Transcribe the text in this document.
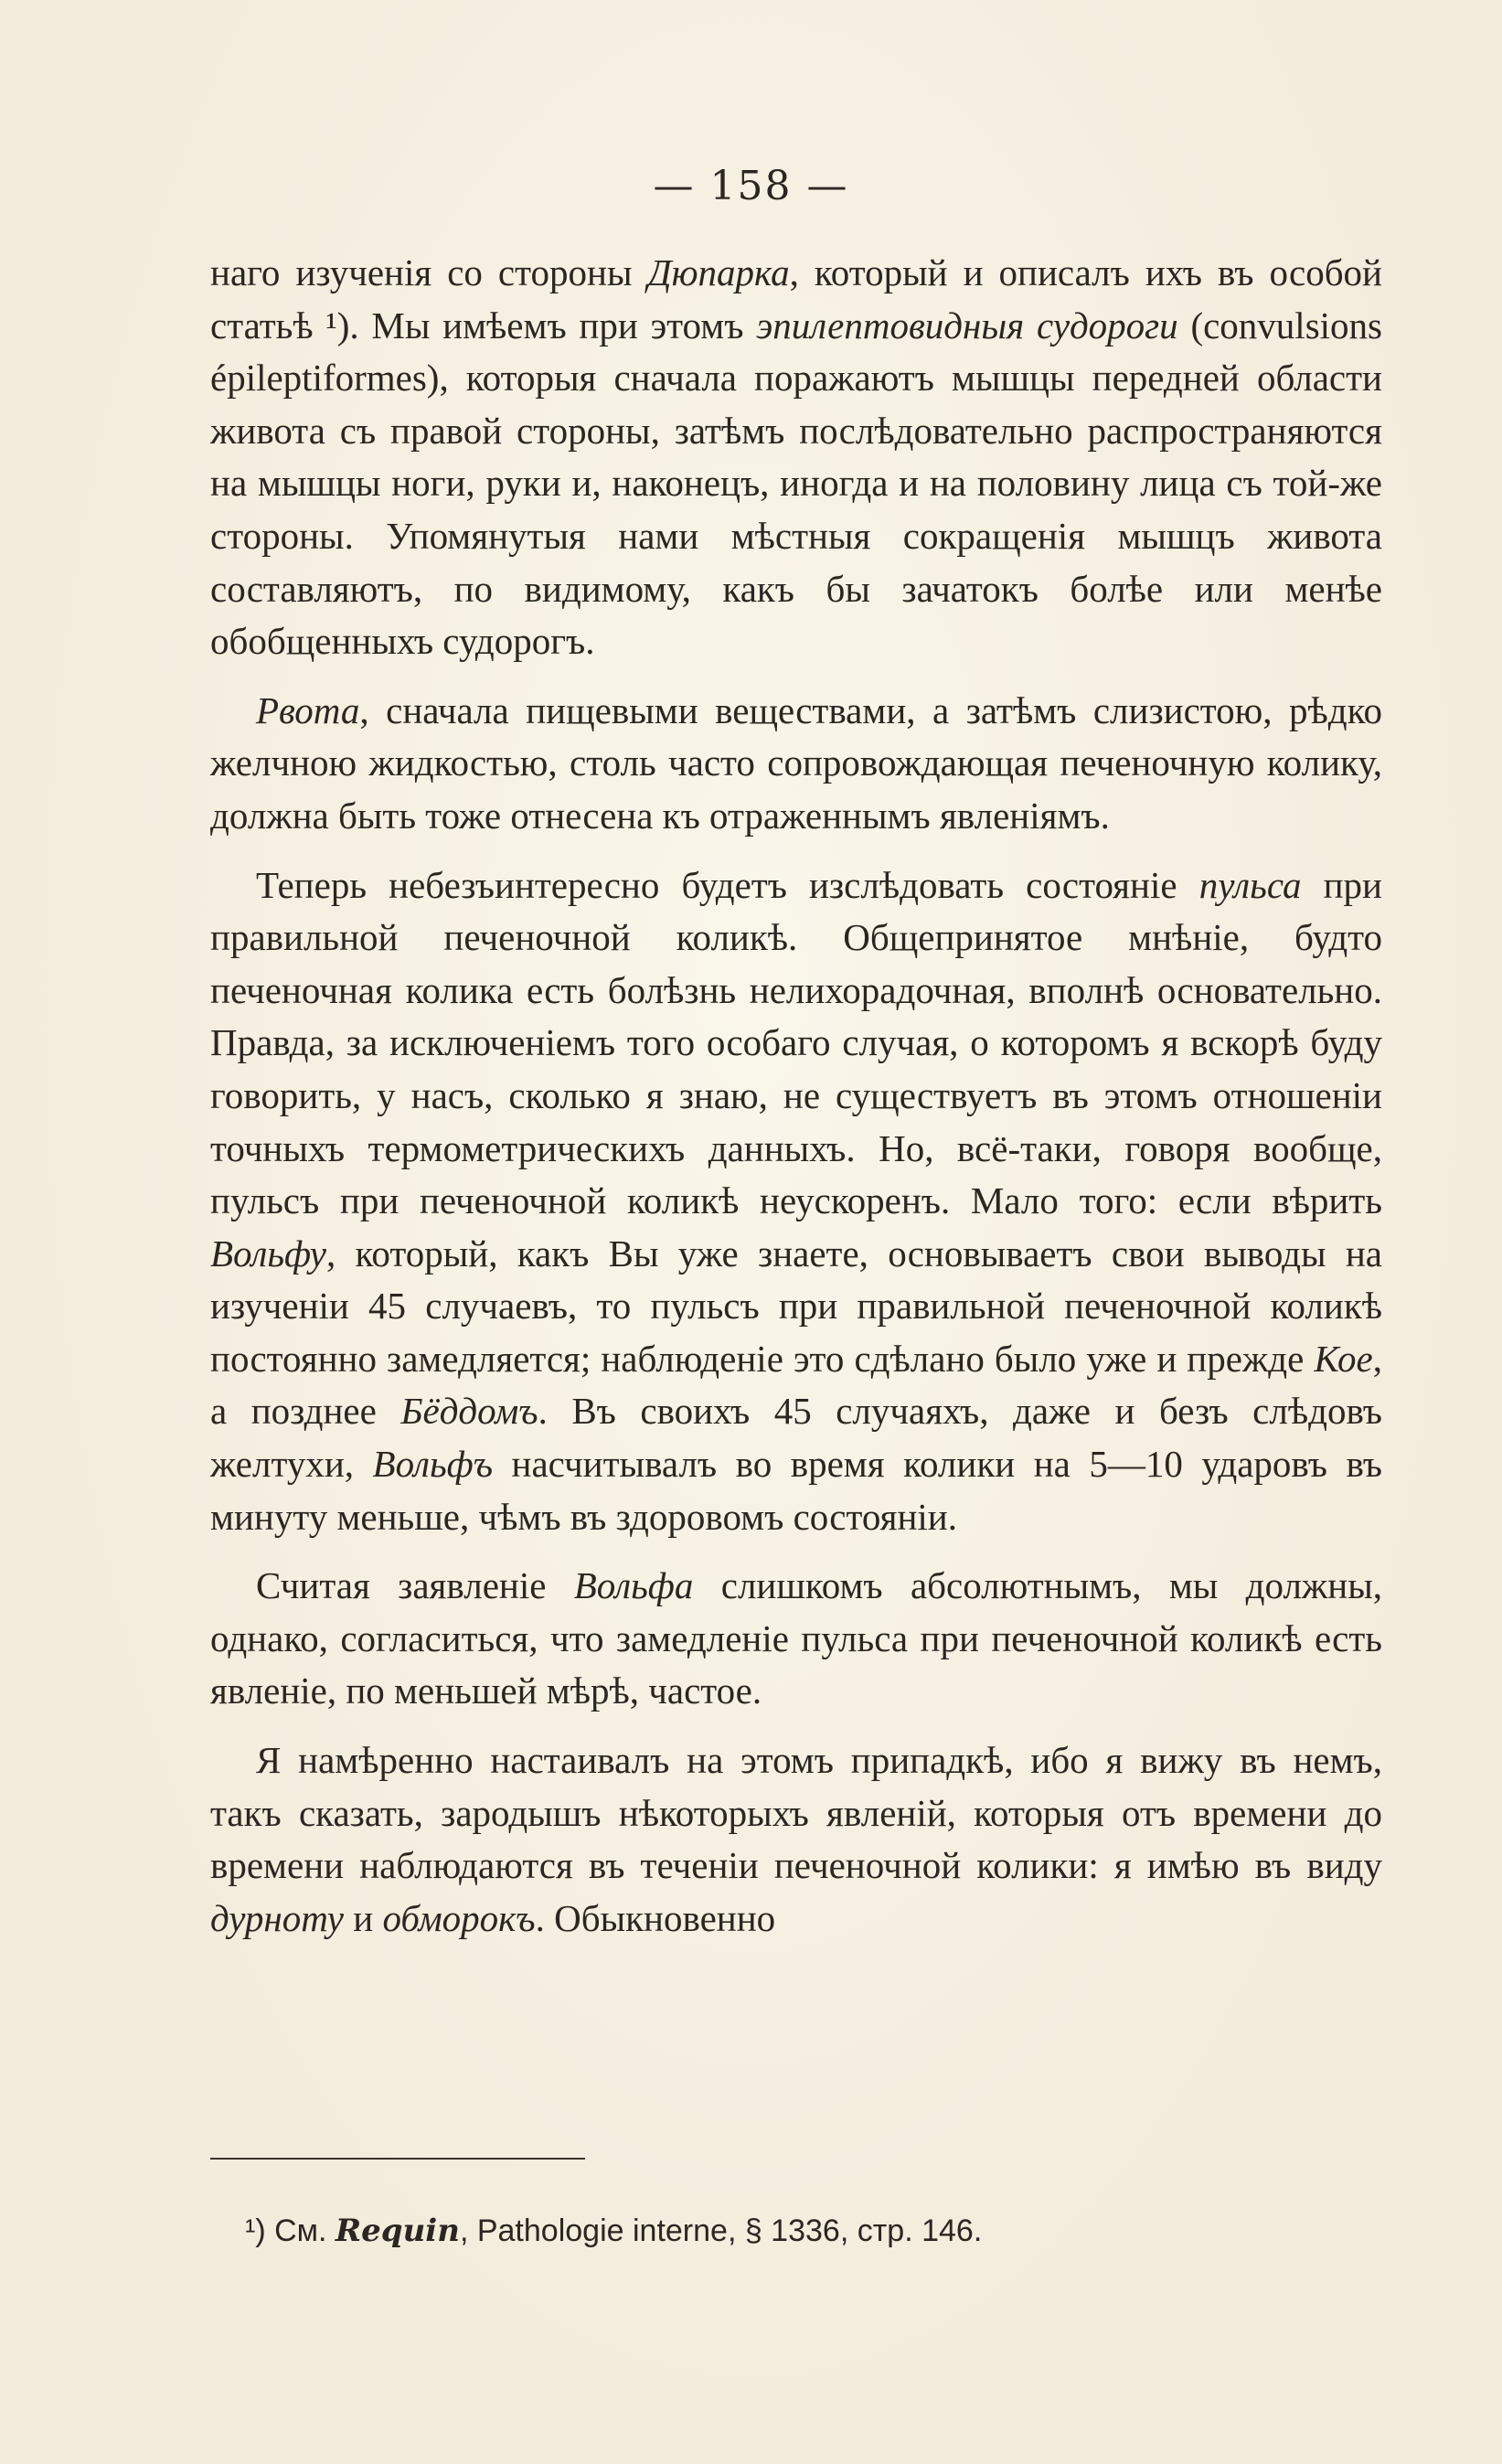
— 158 —

наго изученія со стороны Дюпарка, который и описалъ ихъ въ особой статьѣ ¹). Мы имѣемъ при этомъ эпилептовидныя судороги (convulsions épileptiformes), которыя сначала поражаютъ мышцы передней области живота съ правой стороны, затѣмъ послѣдовательно распространяются на мышцы ноги, руки и, наконецъ, иногда и на половину лица съ той-же стороны. Упомянутыя нами мѣстныя сокращенія мышцъ живота составляютъ, по видимому, какъ бы зачатокъ болѣе или менѣе обобщенныхъ судорогъ.

Рвота, сначала пищевыми веществами, а затѣмъ слизистою, рѣдко желчною жидкостью, столь часто сопровождающая печеночную колику, должна быть тоже отнесена къ отраженнымъ явленіямъ.

Теперь небезъинтересно будетъ изслѣдовать состояніе пульса при правильной печеночной коликѣ. Общепринятое мнѣніе, будто печеночная колика есть болѣзнь нелихорадочная, вполнѣ основательно. Правда, за исключеніемъ того особаго случая, о которомъ я вскорѣ буду говорить, у насъ, сколько я знаю, не существуетъ въ этомъ отношеніи точныхъ термометрическихъ данныхъ. Но, всё-таки, говоря вообще, пульсъ при печеночной коликѣ неускоренъ. Мало того: если вѣрить Вольфу, который, какъ Вы уже знаете, основываетъ свои выводы на изученіи 45 случаевъ, то пульсъ при правильной печеночной коликѣ постоянно замедляется; наблюденіе это сдѣлано было уже и прежде Кое, а позднее Бёддомъ. Въ своихъ 45 случаяхъ, даже и безъ слѣдовъ желтухи, Вольфъ насчитывалъ во время колики на 5—10 ударовъ въ минуту меньше, чѣмъ въ здоровомъ состояніи.

Считая заявленіе Вольфа слишкомъ абсолютнымъ, мы должны, однако, согласиться, что замедленіе пульса при печеночной коликѣ есть явленіе, по меньшей мѣрѣ, частое.

Я намѣренно настаивалъ на этомъ припадкѣ, ибо я вижу въ немъ, такъ сказать, зародышъ нѣкоторыхъ явленій, которыя отъ времени до времени наблюдаются въ теченіи печеночной колики: я имѣю въ виду дурноту и обморокъ. Обыкновенно

¹) См. Requin, Pathologie interne, § 1336, стр. 146.
